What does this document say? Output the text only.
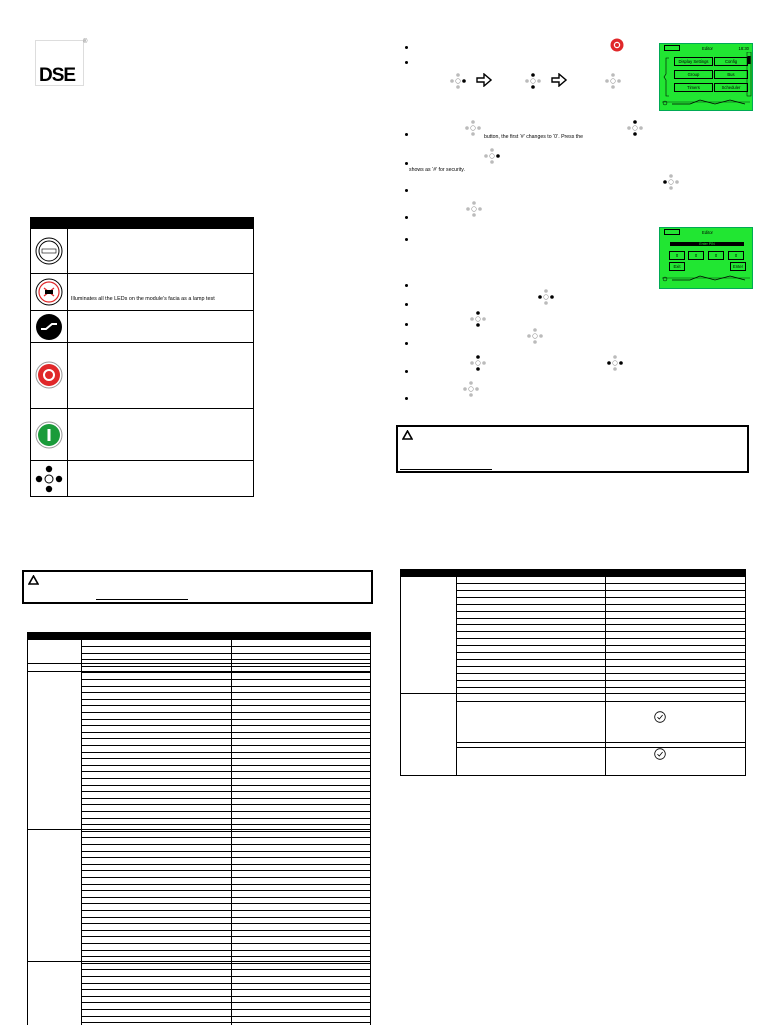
DSE
®
Illuminates all the LEDs on the module’s facia as a lamp test
Editor	18:30
Display Settings	Config
Group	Bus
Timers	Scheduler
button, the first ‘#’ changes to ‘0’. Press the
shows as ‘#’ for security.
Editor
Enter PIN
0	0	0	0
Exit	Enter
